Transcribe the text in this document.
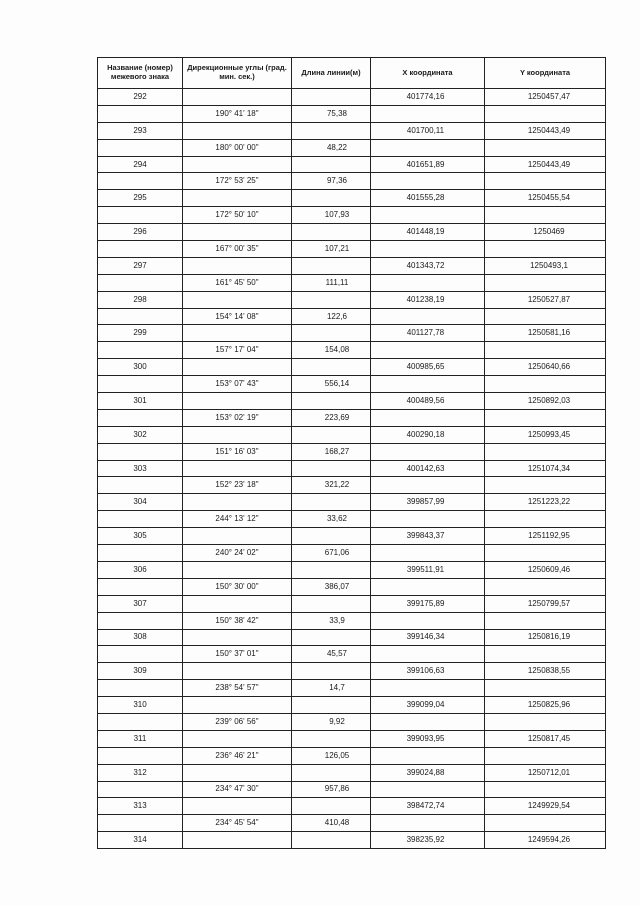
Название (номер) межевого знака	Дирекционные углы (град. мин. сек.)	Длина линии(м)	X координата	Y координата
292			401774,16	1250457,47
	190° 41' 18"	75,38		
293			401700,11	1250443,49
	180° 00' 00"	48,22		
294			401651,89	1250443,49
	172° 53' 25"	97,36		
295			401555,28	1250455,54
	172° 50' 10"	107,93		
296			401448,19	1250469
	167° 00' 35"	107,21		
297			401343,72	1250493,1
	161° 45' 50"	111,11		
298			401238,19	1250527,87
	154° 14' 08"	122,6		
299			401127,78	1250581,16
	157° 17' 04"	154,08		
300			400985,65	1250640,66
	153° 07' 43"	556,14		
301			400489,56	1250892,03
	153° 02' 19"	223,69		
302			400290,18	1250993,45
	151° 16' 03"	168,27		
303			400142,63	1251074,34
	152° 23' 18"	321,22		
304			399857,99	1251223,22
	244° 13' 12"	33,62		
305			399843,37	1251192,95
	240° 24' 02"	671,06		
306			399511,91	1250609,46
	150° 30' 00"	386,07		
307			399175,89	1250799,57
	150° 38' 42"	33,9		
308			399146,34	1250816,19
	150° 37' 01"	45,57		
309			399106,63	1250838,55
	238° 54' 57"	14,7		
310			399099,04	1250825,96
	239° 06' 56"	9,92		
311			399093,95	1250817,45
	236° 46' 21"	126,05		
312			399024,88	1250712,01
	234° 47' 30"	957,86		
313			398472,74	1249929,54
	234° 45' 54"	410,48		
314			398235,92	1249594,26
